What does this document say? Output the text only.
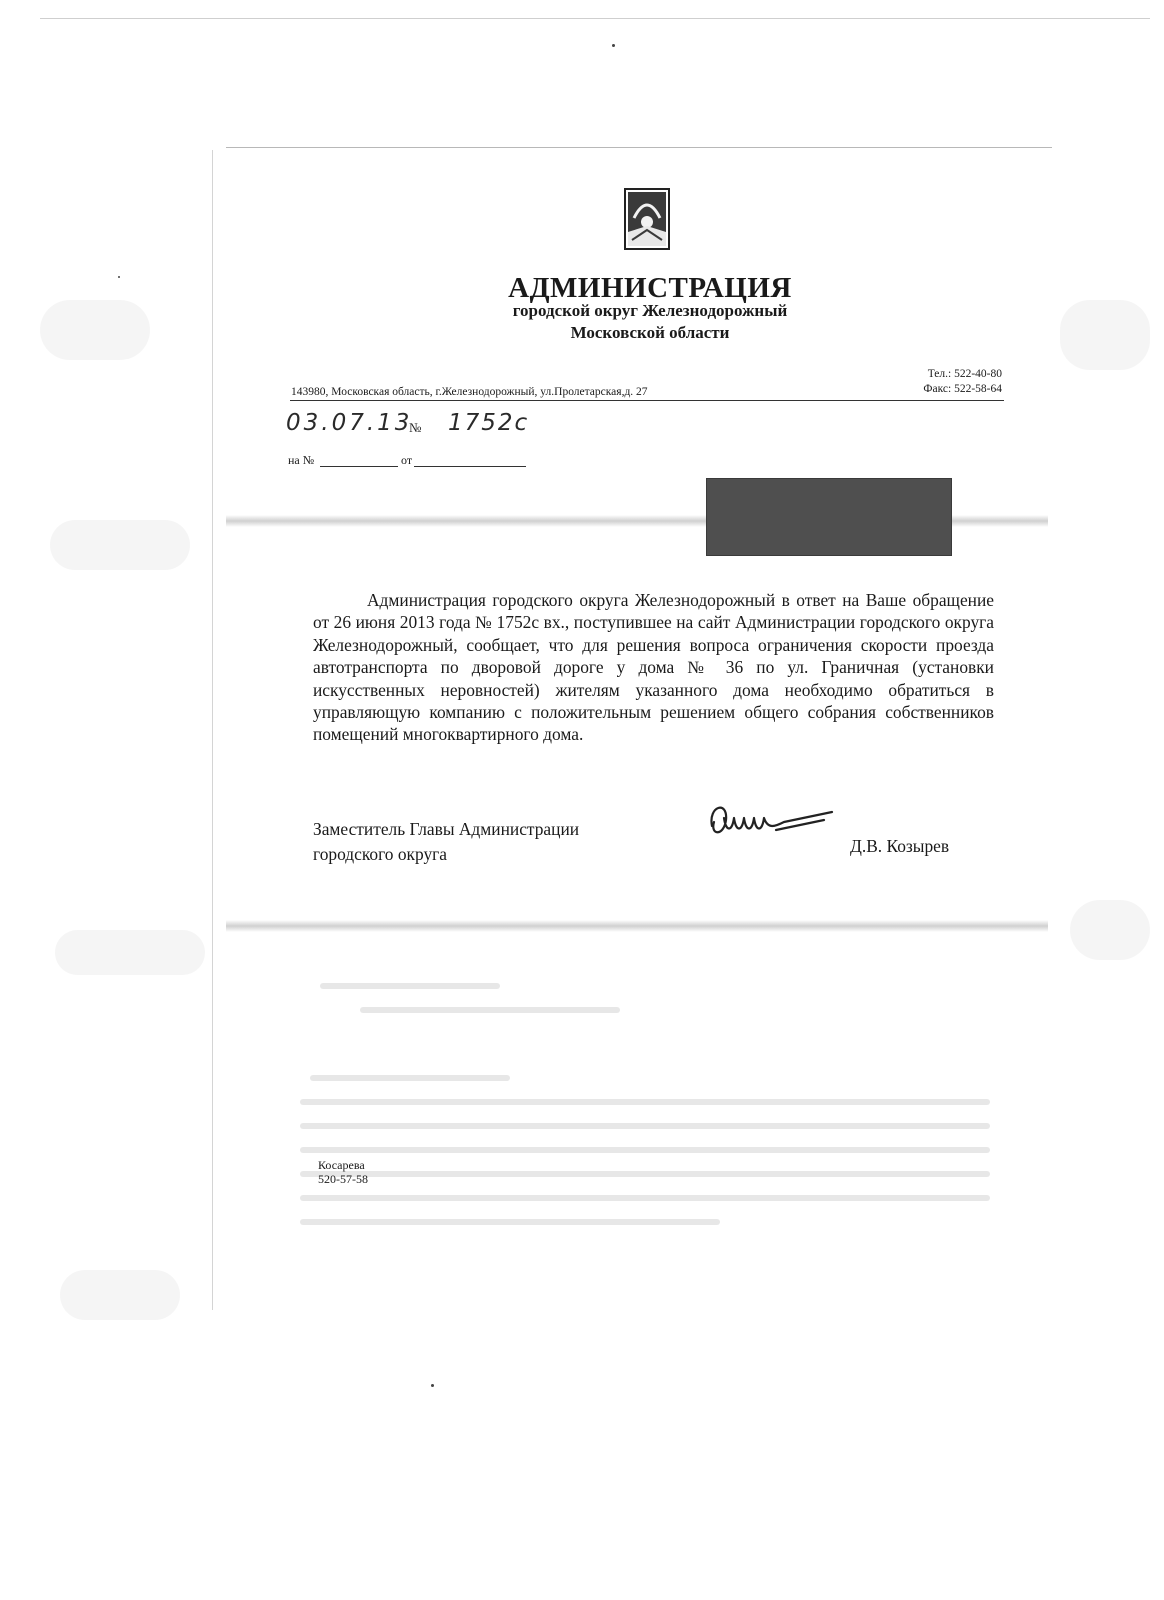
АДМИНИСТРАЦИЯ
городской округ Железнодорожный
Московской области
Тел.: 522-40-80
Факс: 522-58-64
143980, Московская область, г.Железнодорожный, ул.Пролетарская,д. 27
03.07.13
№ 1752с
на №	от
Администрация городского округа Железнодорожный в ответ на Ваше обращение от 26 июня 2013 года № 1752с вх., поступившее на сайт Администрации городского округа Железнодорожный, сообщает, что для решения вопроса ограничения скорости проезда автотранспорта по дворовой дороге у дома № 36 по ул. Граничная (установки искусственных неровностей) жителям указанного дома необходимо обратиться в управляющую компанию с положительным решением общего собрания собственников помещений многоквартирного дома.
Заместитель Главы Администрации
городского округа	Д.В. Козырев
Косарева
520-57-58
